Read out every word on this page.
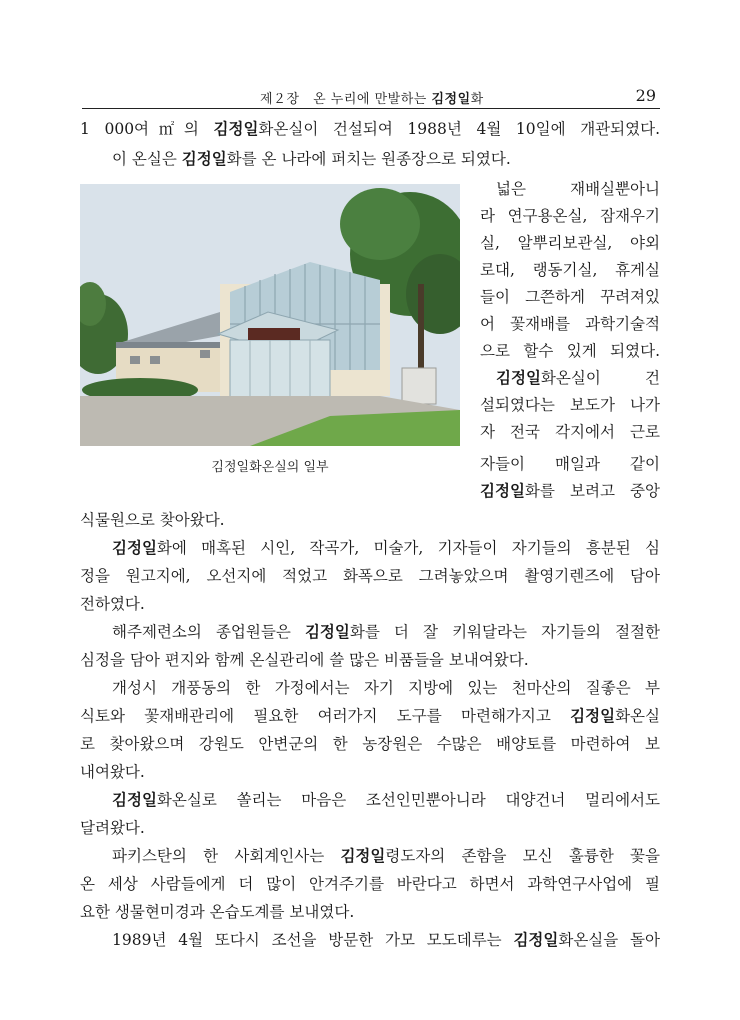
제２장　온 누리에 만발하는 김정일화	29
1 000여㎡의 김정일화온실이 건설되여 1988년 4월 10일에 개관되였다.
이 온실은 김정일화를 온 나라에 퍼치는 원종장으로 되였다.
김정일화온실의 일부
넓은 재배실뿐아니
라 연구용온실, 잠재우기
실, 알뿌리보관실, 야외
로대, 랭동기실, 휴게실
들이 그쯘하게 꾸려져있
어 꽃재배를 과학기술적
으로 할수 있게 되였다.
김정일화온실이 건
설되였다는 보도가 나가
자 전국 각지에서 근로
자들이 매일과 같이
김정일화를 보려고 중앙
식물원으로 찾아왔다.
김정일화에 매혹된 시인, 작곡가, 미술가, 기자들이 자기들의 흥분된 심
정을 원고지에, 오선지에 적었고 화폭으로 그려놓았으며 촬영기렌즈에 담아
전하였다.
해주제련소의 종업원들은 김정일화를 더 잘 키워달라는 자기들의 절절한
심정을 담아 편지와 함께 온실관리에 쓸 많은 비품들을 보내여왔다.
개성시 개풍동의 한 가정에서는 자기 지방에 있는 천마산의 질좋은 부
식토와 꽃재배관리에 필요한 여러가지 도구를 마련해가지고 김정일화온실
로 찾아왔으며 강원도 안변군의 한 농장원은 수많은 배양토를 마련하여 보
내여왔다.
김정일화온실로 쏠리는 마음은 조선인민뿐아니라 대양건너 멀리에서도
달려왔다.
파키스탄의 한 사회계인사는 김정일령도자의 존함을 모신 훌륭한 꽃을
온 세상 사람들에게 더 많이 안겨주기를 바란다고 하면서 과학연구사업에 필
요한 생물현미경과 온습도계를 보내였다.
1989년 4월 또다시 조선을 방문한 가모 모도데루는 김정일화온실을 돌아
